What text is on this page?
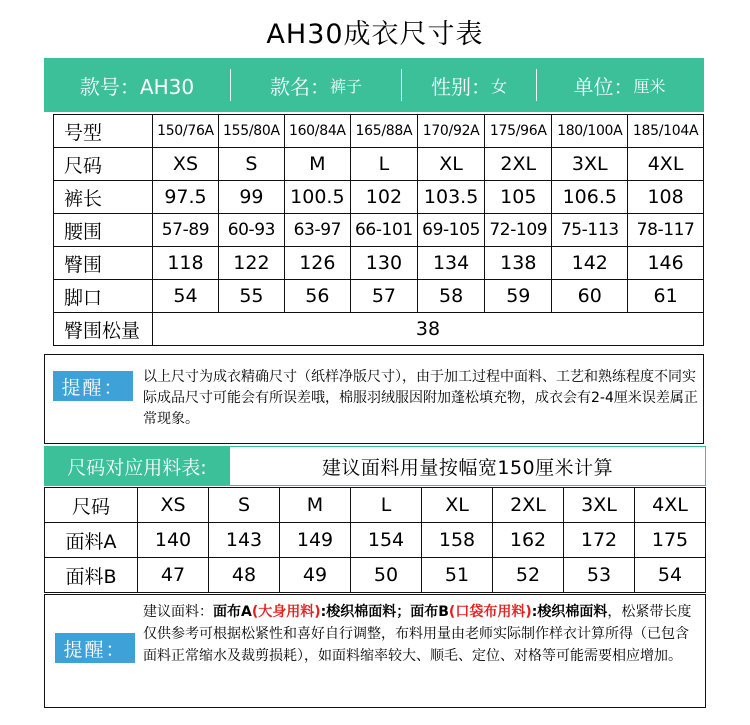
AH30成衣尺寸表
款号：AH30	款名： 裤子	性别： 女	单位： 厘米
号型	150/76A	155/80A	160/84A	165/88A	170/92A	175/96A	180/100A	185/104A
尺码	XS	S	M	L	XL	2XL	3XL	4XL
裤长	97.5	99	100.5	102	103.5	105	106.5	108
腰围	57-89	60-93	63-97	66-101	69-105	72-109	75-113	78-117
臀围	118	122	126	130	134	138	142	146
脚口	54	55	56	57	58	59	60	61
臀围松量	38							
提醒：	以上尺寸为成衣精确尺寸（纸样净版尺寸），由于加工过程中面料、工艺和熟练程度不同实际成品尺寸可能会有所误差哦，棉服羽绒服因附加蓬松填充物，成衣会有2-4厘米误差属正常现象。
尺码对应用料表:	建议面料用量按幅宽150厘米计算
尺码	XS	S	M	L	XL	2XL	3XL	4XL
面料A	140	143	149	154	158	162	172	175
面料B	47	48	49	50	51	52	53	54
提醒：
建议面料：面布A(大身用料):梭织棉面料；面布B(口袋布用料):梭织棉面料，松紧带长度仅供参考可根据松紧性和喜好自行调整，布料用量由老师实际制作样衣计算所得（已包含面料正常缩水及裁剪损耗），如面料缩率较大、顺毛、定位、对格等可能需要相应增加。
